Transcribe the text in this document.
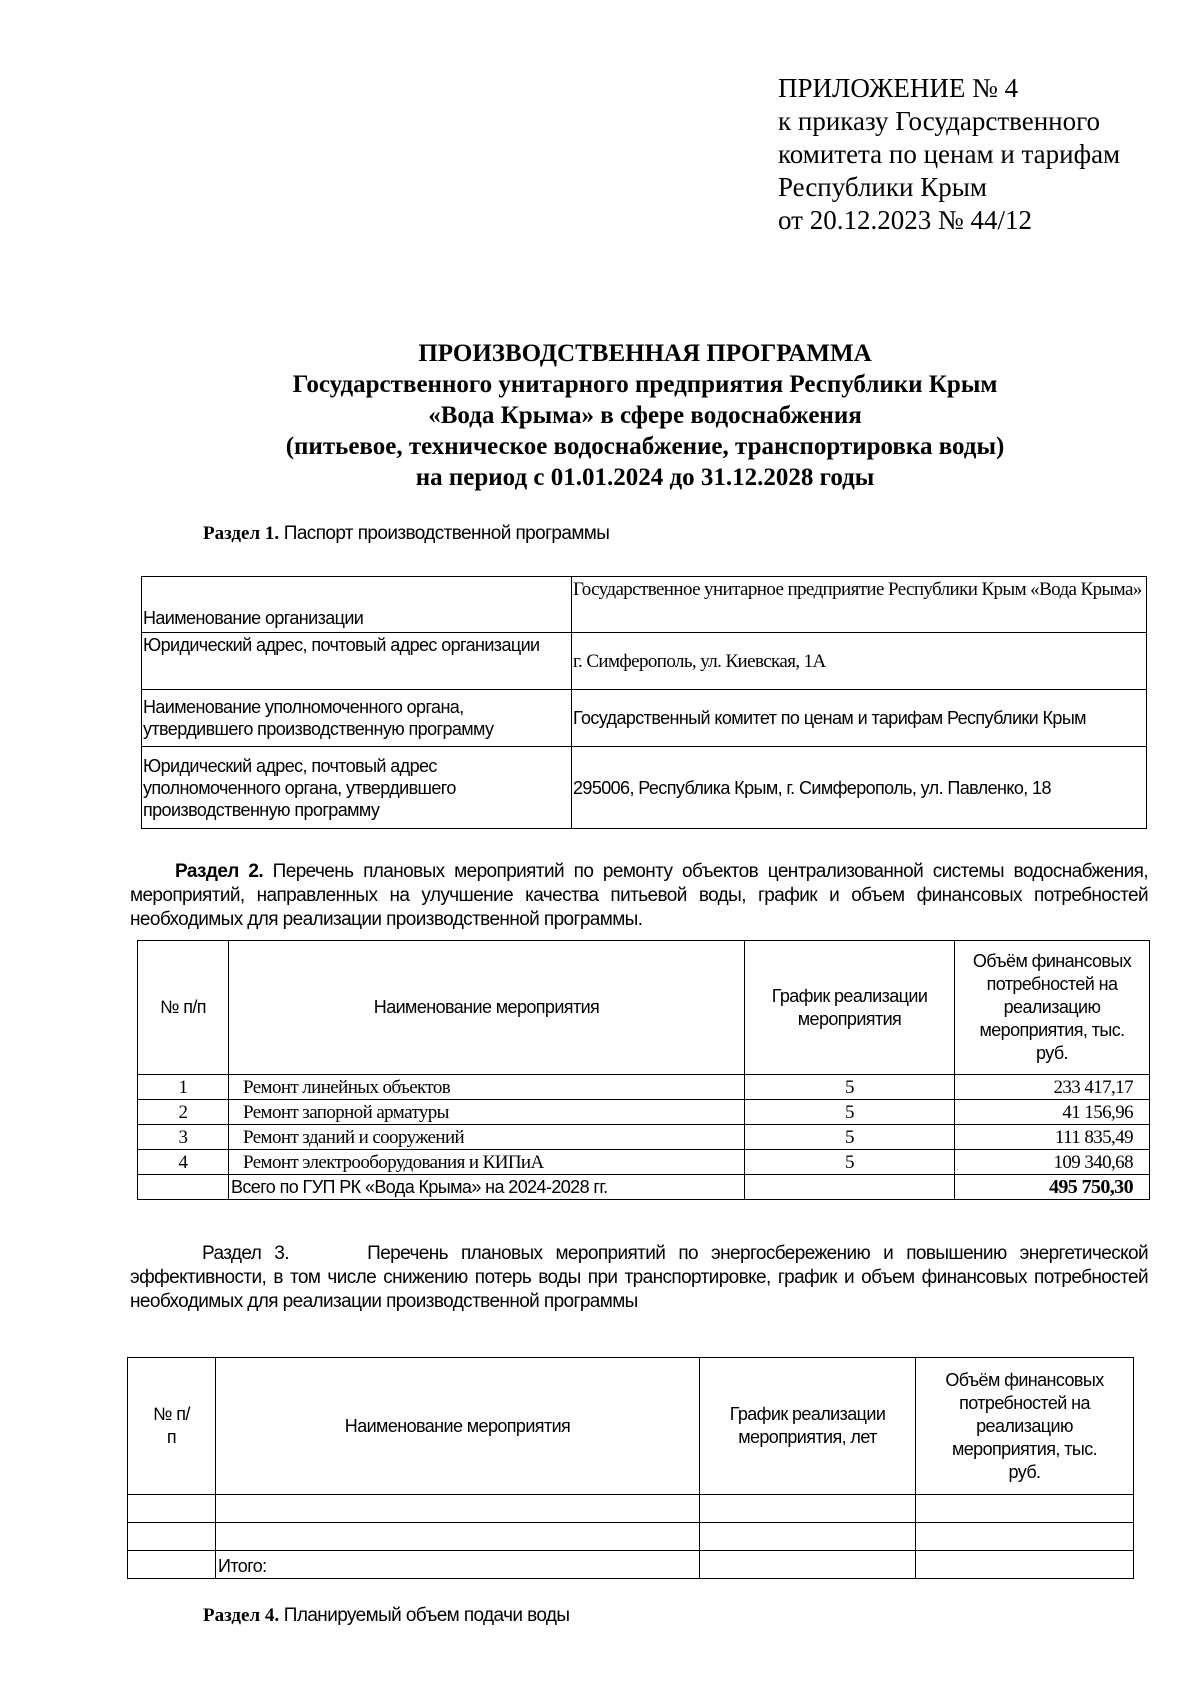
ПРИЛОЖЕНИЕ № 4
к приказу Государственного
комитета по ценам и тарифам
Республики Крым
от 20.12.2023 № 44/12
ПРОИЗВОДСТВЕННАЯ ПРОГРАММА
Государственного унитарного предприятия Республики Крым
«Вода Крыма» в сфере водоснабжения
(питьевое, техническое водоснабжение, транспортировка воды)
на период с 01.01.2024 до 31.12.2028 годы
Раздел 1. Паспорт производственной программы
Наименование организации	Государственное унитарное предприятие Республики Крым «Вода Крыма»
Юридический адрес, почтовый адрес организации	г. Симферополь, ул. Киевская, 1А
Наименование уполномоченного органа, утвердившего производственную программу	Государственный комитет по ценам и тарифам Республики Крым
Юридический адрес, почтовый адрес уполномоченного органа, утвердившего производственную программу	295006, Республика Крым, г. Симферополь, ул. Павленко, 18

Раздел 2. Перечень плановых мероприятий по ремонту объектов централизованной системы водоснабжения, мероприятий, направленных на улучшение качества питьевой воды, график и объем финансовых потребностей необходимых для реализации производственной программы.

№ п/п	Наименование мероприятия	График реализации мероприятия	Объём финансовых потребностей на реализацию мероприятия, тыс. руб.
1	Ремонт линейных объектов	5	233 417,17
2	Ремонт запорной арматуры	5	41 156,96
3	Ремонт зданий и сооружений	5	111 835,49
4	Ремонт электрооборудования и КИПиА	5	109 340,68
	Всего по ГУП РК «Вода Крыма» на 2024-2028 гг.		495 750,30

Раздел 3.	Перечень плановых мероприятий по энергосбережению и повышению энергетической эффективности, в том числе снижению потерь воды при транспортировке, график и объем финансовых потребностей необходимых для реализации производственной программы

№ п/п	Наименование мероприятия	График реализации мероприятия, лет	Объём финансовых потребностей на реализацию мероприятия, тыс. руб.

	Итого:		
Раздел 4. Планируемый объем подачи воды
